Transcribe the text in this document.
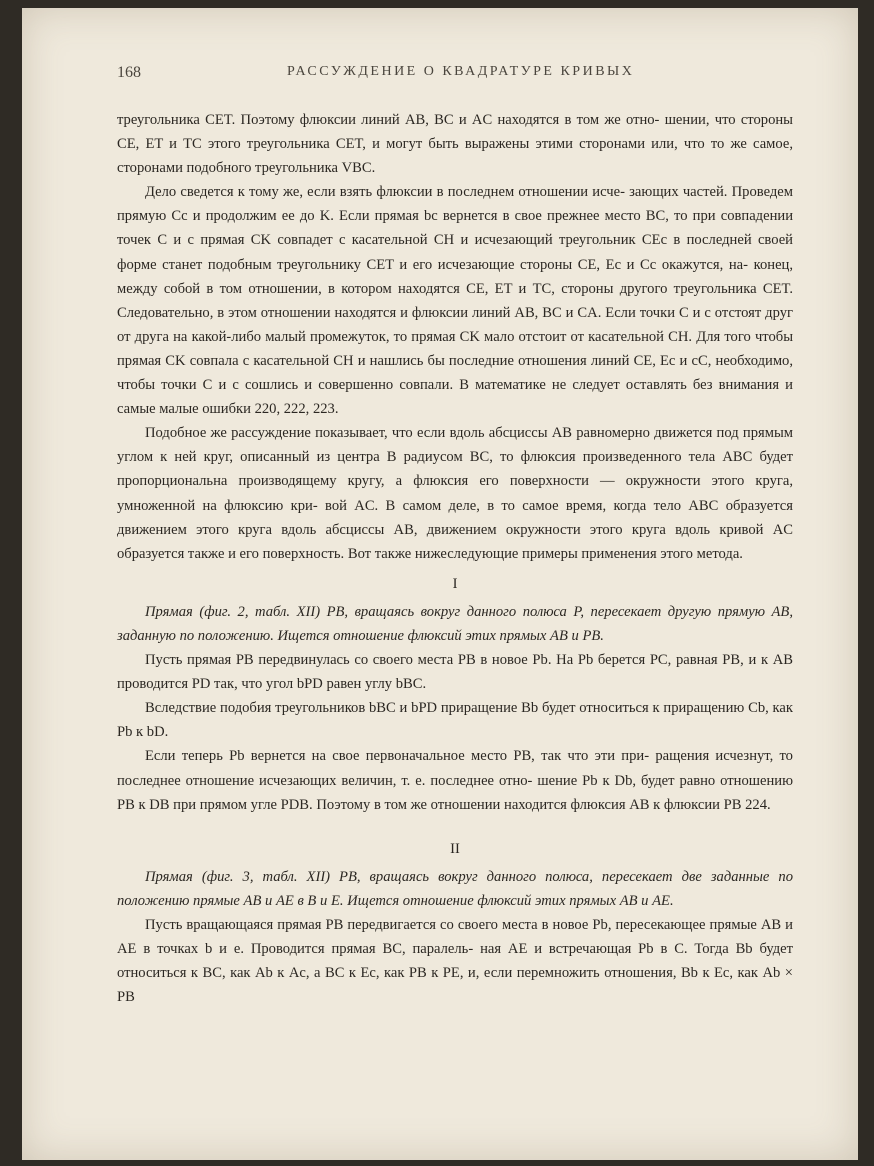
168	РАССУЖДЕНИЕ О КВАДРАТУРЕ КРИВЫХ

треугольника CET. Поэтому флюксии линий AB, BC и AC находятся в том же отно- шении, что стороны CE, ET и TC этого треугольника CET, и могут быть выражены этими сторонами или, что то же самое, сторонами подобного треугольника VBC.

Дело сведется к тому же, если взять флюксии в последнем отношении исче- зающих частей. Проведем прямую Cc и продолжим ее до K. Если прямая bc вернется в свое прежнее место BC, то при совпадении точек C и c прямая CK совпадет с касательной CH и исчезающий треугольник CEc в последней своей форме станет подобным треугольнику CET и его исчезающие стороны CE, Ec и Cc окажутся, на- конец, между собой в том отношении, в котором находятся CE, ET и TC, стороны другого треугольника CET. Следовательно, в этом отношении находятся и флюксии линий AB, BC и CA. Если точки C и c отстоят друг от друга на какой-либо малый промежуток, то прямая CK мало отстоит от касательной CH. Для того чтобы прямая CK совпала с касательной CH и нашлись бы последние отношения линий CE, Ec и cC, необходимо, чтобы точки C и c сошлись и совершенно совпали. В математике не следует оставлять без внимания и самые малые ошибки 220, 222, 223.

Подобное же рассуждение показывает, что если вдоль абсциссы AB равномерно движется под прямым углом к ней круг, описанный из центра B радиусом BC, то флюксия произведенного тела ABC будет пропорциональна производящему кругу, а флюксия его поверхности — окружности этого круга, умноженной на флюксию кри- вой AC. В самом деле, в то самое время, когда тело ABC образуется движением этого круга вдоль абсциссы AB, движением окружности этого круга вдоль кривой AC образуется также и его поверхность. Вот также нижеследующие примеры применения этого метода.

I

Прямая (фиг. 2, табл. XII) PB, вращаясь вокруг данного полюса P, пересекает другую прямую AB, заданную по положению. Ищется отношение флюксий этих прямых AB и PB.

Пусть прямая PB передвинулась со своего места PB в новое Pb. На Pb берется PC, равная PB, и к AB проводится PD так, что угол bPD равен углу bBC.

Вследствие подобия треугольников bBC и bPD приращение Bb будет относиться к приращению Cb, как Pb к bD.

Если теперь Pb вернется на свое первоначальное место PB, так что эти при- ращения исчезнут, то последнее отношение исчезающих величин, т. е. последнее отно- шение Pb к Db, будет равно отношению PB к DB при прямом угле PDB. Поэтому в том же отношении находится флюксия AB к флюксии PB 224.

II

Прямая (фиг. 3, табл. XII) PB, вращаясь вокруг данного полюса, пересекает две заданные по положению прямые AB и AE в B и E. Ищется отношение флюксий этих прямых AB и AE.

Пусть вращающаяся прямая PB передвигается со своего места в новое Pb, пересекающее прямые AB и AE в точках b и e. Проводится прямая BC, паралель- ная AE и встречающая Pb в C. Тогда Bb будет относиться к BC, как Ab к Ac, а BC к Ec, как PB к PE, и, если перемножить отношения, Bb к Ec, как Ab × PB
